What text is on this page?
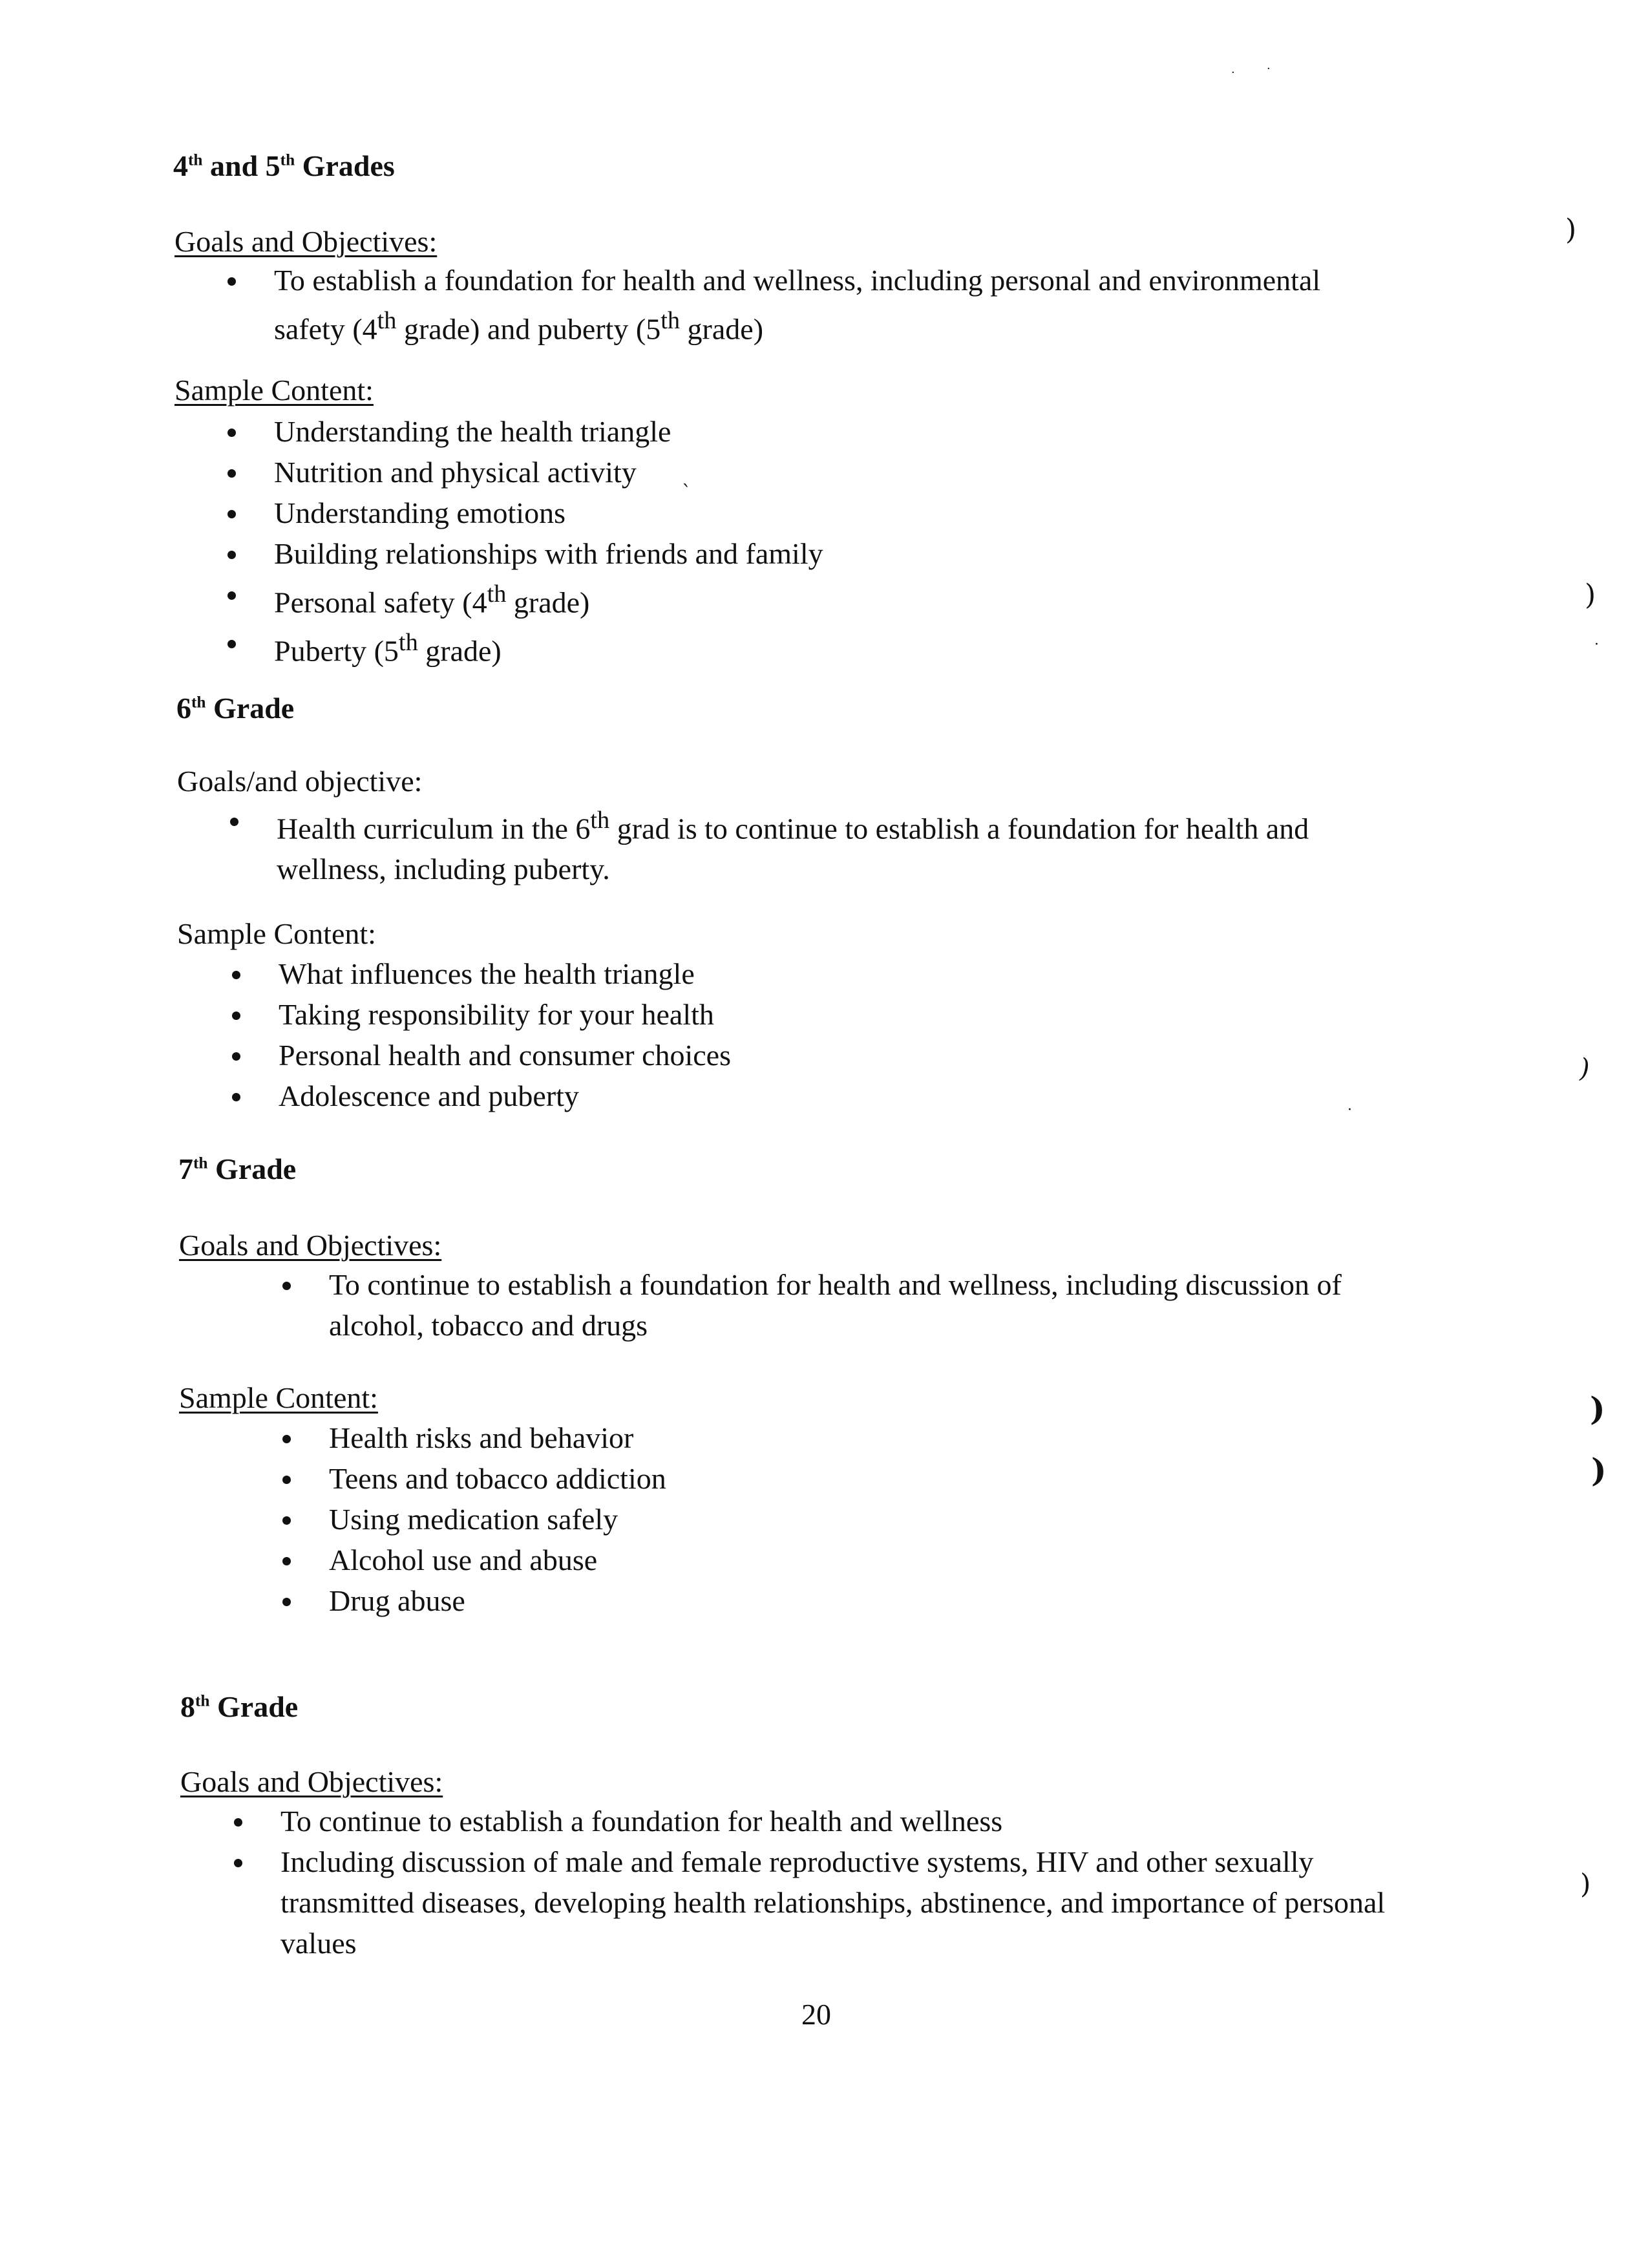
4th and 5th Grades
Goals and Objectives:
To establish a foundation for health and wellness, including personal and environmental
safety (4th grade) and puberty (5th grade)
Sample Content:
Understanding the health triangle
Nutrition and physical activity
Understanding emotions
Building relationships with friends and family
Personal safety (4th grade)
Puberty (5th grade)
6th Grade
Goals/and objective:
Health curriculum in the 6th grad is to continue to establish a foundation for health and
wellness, including puberty.
Sample Content:
What influences the health triangle
Taking responsibility for your health
Personal health and consumer choices
Adolescence and puberty
7th Grade
Goals and Objectives:
To continue to establish a foundation for health and wellness, including discussion of
alcohol, tobacco and drugs
Sample Content:
Health risks and behavior
Teens and tobacco addiction
Using medication safely
Alcohol use and abuse
Drug abuse
8th Grade
Goals and Objectives:
To continue to establish a foundation for health and wellness
Including discussion of male and female reproductive systems, HIV and other sexually
transmitted diseases, developing health relationships, abstinence, and importance of personal
values
20
)
)
)
)
)
)
`
·
·
·	·
